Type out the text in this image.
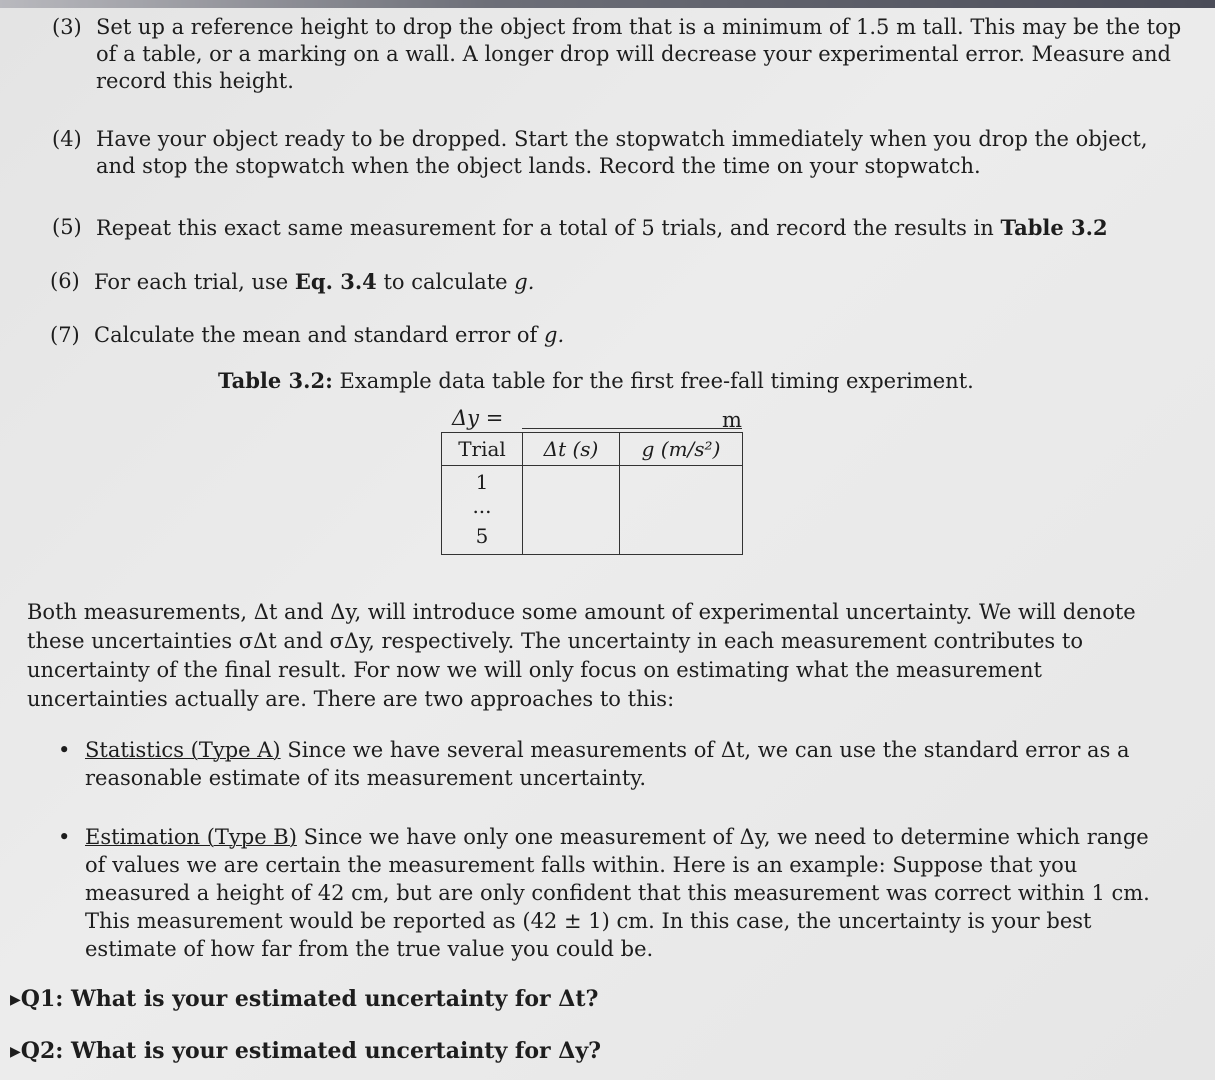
(3) Set up a reference height to drop the object from that is a minimum of 1.5 m tall. This may be the top of a table, or a marking on a wall. A longer drop will decrease your experimental error. Measure and record this height.
(4) Have your object ready to be dropped. Start the stopwatch immediately when you drop the object, and stop the stopwatch when the object lands. Record the time on your stopwatch.
(5) Repeat this exact same measurement for a total of 5 trials, and record the results in Table 3.2
(6) For each trial, use Eq. 3.4 to calculate g.
(7) Calculate the mean and standard error of g.
Table 3.2: Example data table for the first free-fall timing experiment.
Δy =	m
Trial	Δt (s)	g (m/s²)

1
...
5		

Both measurements, Δt and Δy, will introduce some amount of experimental uncertainty. We will denote these uncertainties σΔt and σΔy, respectively. The uncertainty in each measurement contributes to uncertainty of the final result. For now we will only focus on estimating what the measurement uncertainties actually are. There are two approaches to this:
• Statistics (Type A) Since we have several measurements of Δt, we can use the standard error as a reasonable estimate of its measurement uncertainty.
• Estimation (Type B) Since we have only one measurement of Δy, we need to determine which range of values we are certain the measurement falls within. Here is an example: Suppose that you measured a height of 42 cm, but are only confident that this measurement was correct within 1 cm. This measurement would be reported as (42 ± 1) cm. In this case, the uncertainty is your best estimate of how far from the true value you could be.
▶Q1: What is your estimated uncertainty for Δt?
▶Q2: What is your estimated uncertainty for Δy?
